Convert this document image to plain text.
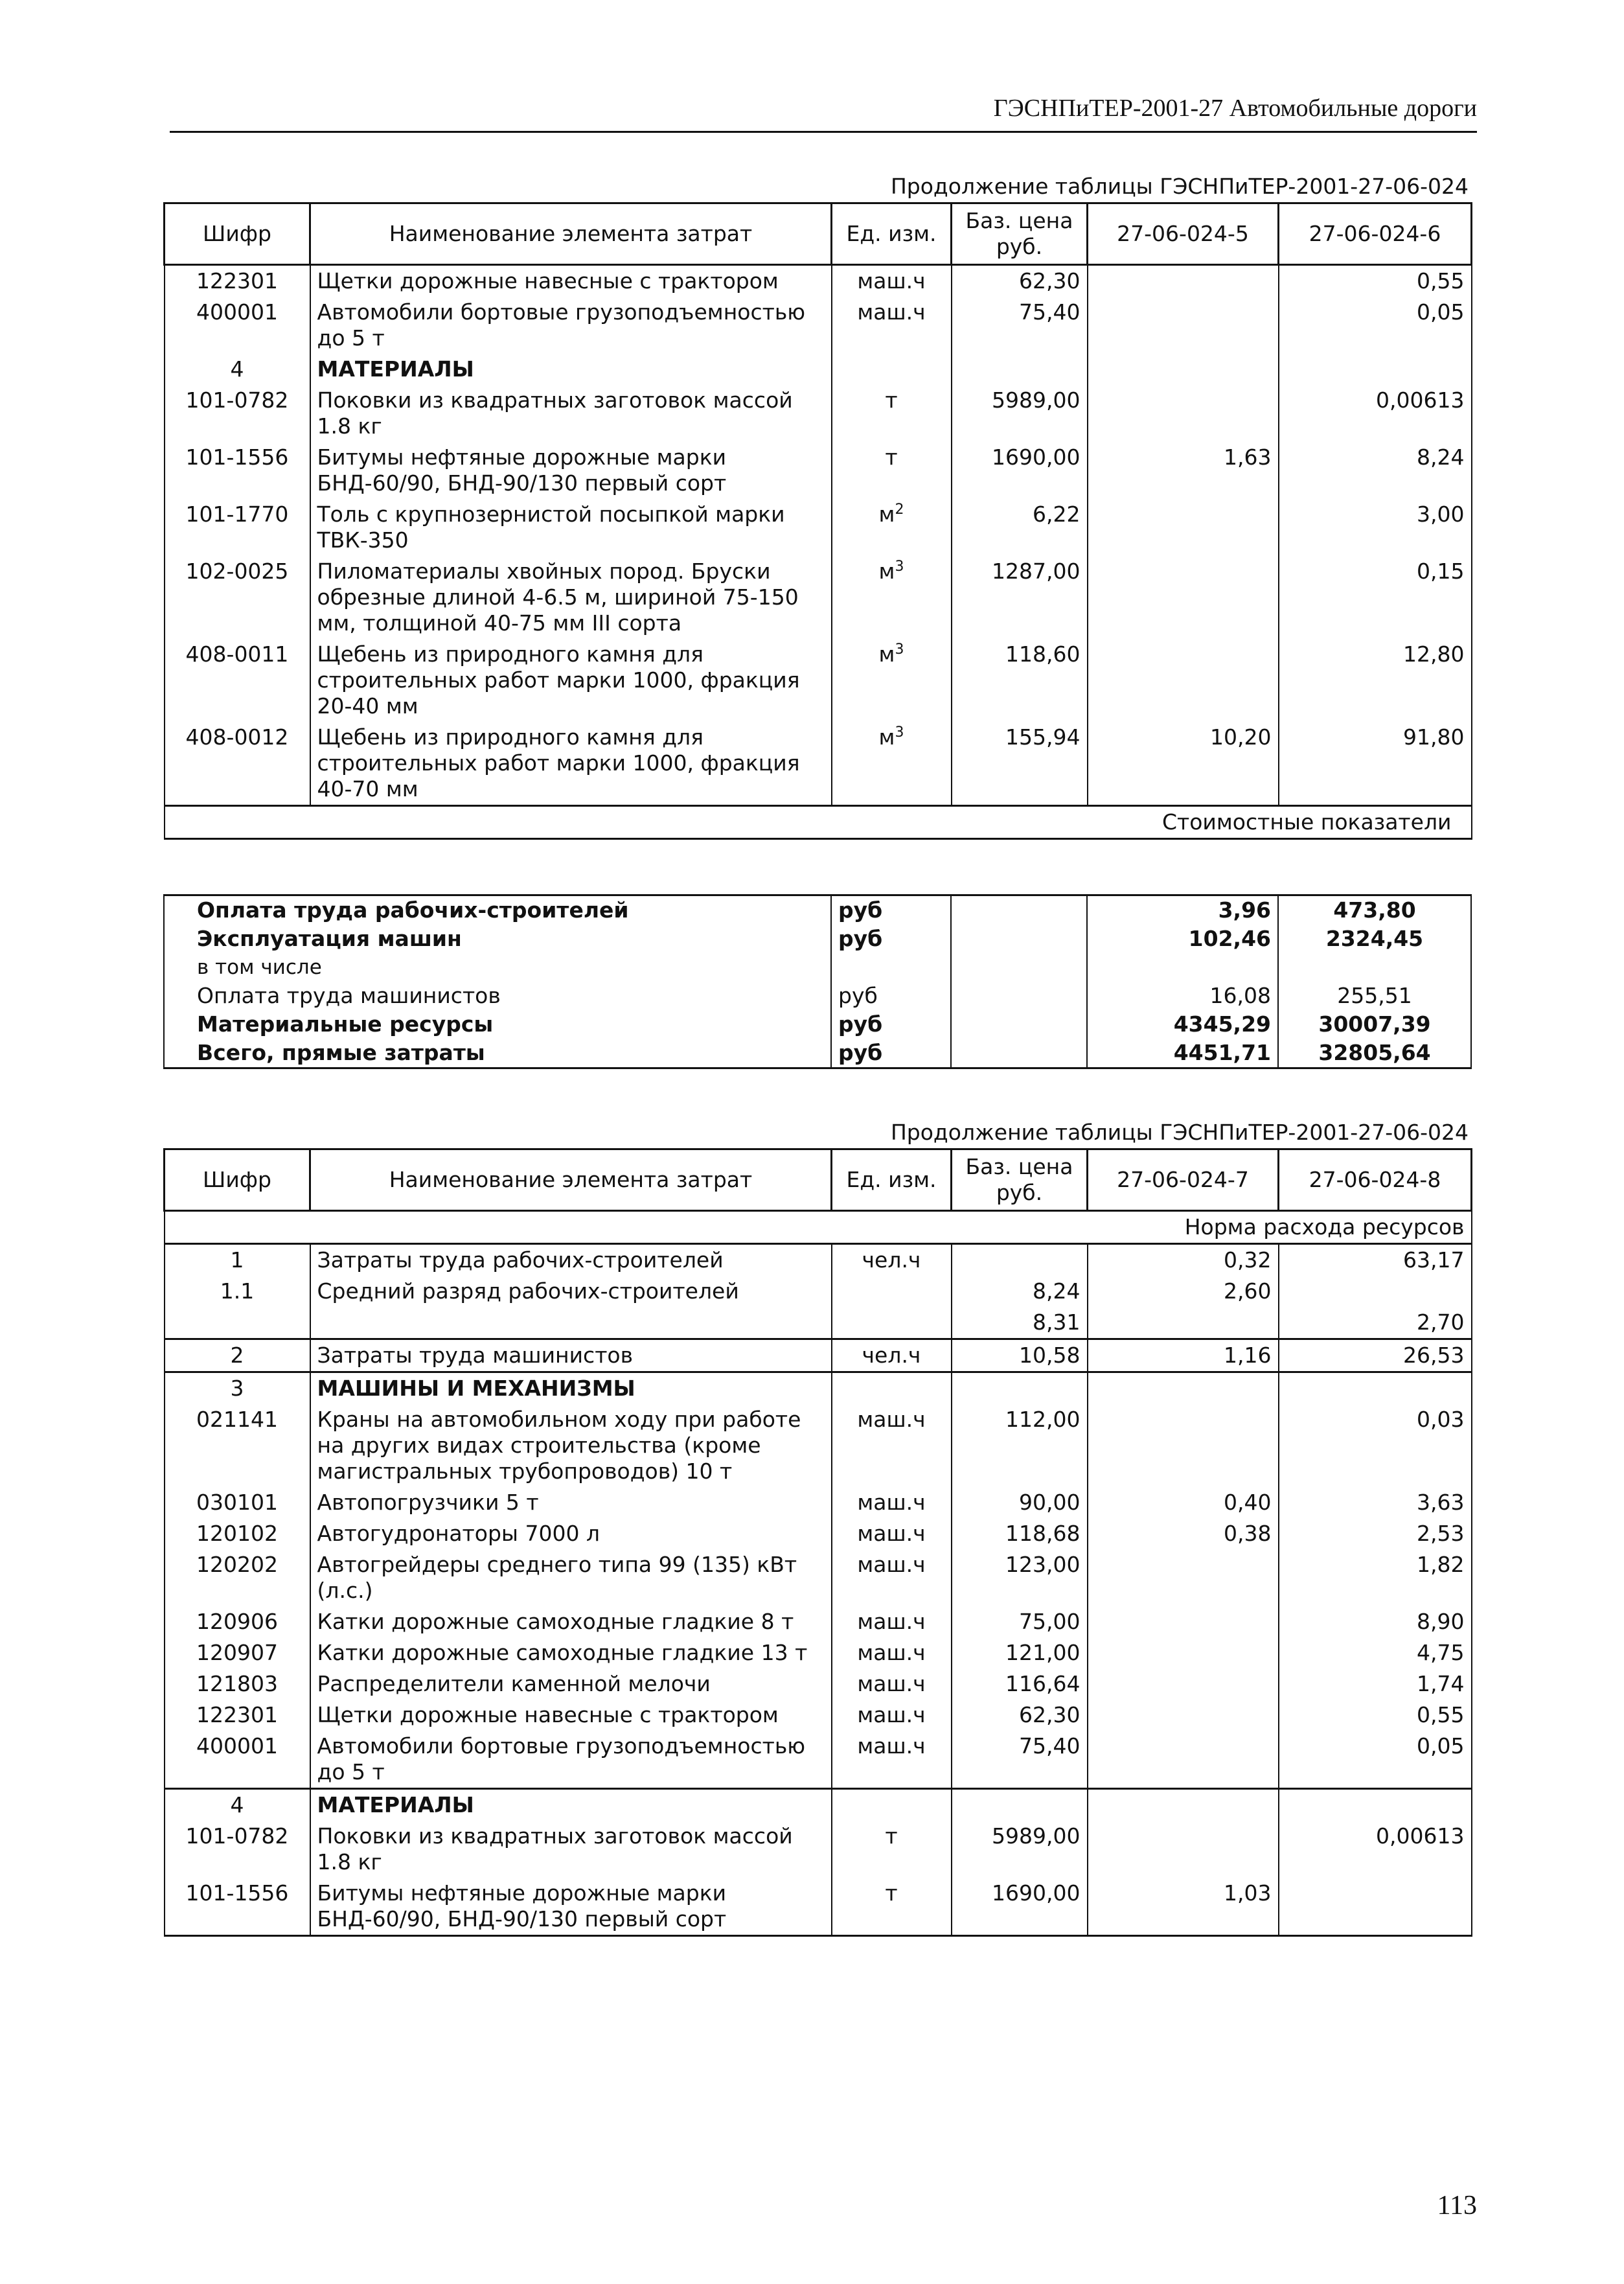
ГЭСНПиТЕР-2001-27 Автомобильные дороги
Продолжение таблицы ГЭСНПиТЕР-2001-27-06-024
Шифр	Наименование элемента затрат	Ед. изм.	Баз. цена руб.	27-06-024-5	27-06-024-6
122301	Щетки дорожные навесные с трактором	маш.ч	62,30		0,55
400001	Автомобили бортовые грузоподъемностью до 5 т	маш.ч	75,40		0,05
4	МАТЕРИАЛЫ				
101-0782	Поковки из квадратных заготовок массой 1.8 кг	т	5989,00		0,00613
101-1556	Битумы нефтяные дорожные марки БНД-60/90, БНД-90/130 первый сорт	т	1690,00	1,63	8,24
101-1770	Толь с крупнозернистой посыпкой марки ТВК-350	$м^2$	6,22		3,00
102-0025	Пиломатериалы хвойных пород. Бруски обрезные длиной 4-6.5 м, шириной 75-150 мм, толщиной 40-75 мм III сорта	$м^3$	1287,00		0,15
408-0011	Щебень из природного камня для строительных работ марки 1000, фракция 20-40 мм	$м^3$	118,60		12,80
408-0012	Щебень из природного камня для строительных работ марки 1000, фракция 40-70 мм	$м^3$	155,94	10,20	91,80
Стоимостные показатели					
Оплата труда рабочих-строителей	руб		3,96	473,80
Эксплуатация машин	руб		102,46	2324,45
в том числе				
Оплата труда машинистов	руб		16,08	255,51
Материальные ресурсы	руб		4345,29	30007,39
Всего, прямые затраты	руб		4451,71	32805,64
Продолжение таблицы ГЭСНПиТЕР-2001-27-06-024
Шифр	Наименование элемента затрат	Ед. изм.	Баз. цена руб.	27-06-024-7	27-06-024-8
Норма расхода ресурсов					
1	Затраты труда рабочих-строителей	чел.ч		0,32	63,17
1.1	Средний разряд рабочих-строителей		8,24	2,60	
			8,31		2,70
2	Затраты труда машинистов	чел.ч	10,58	1,16	26,53
3	МАШИНЫ И МЕХАНИЗМЫ				
021141	Краны на автомобильном ходу при работе на других видах строительства (кроме магистральных трубопроводов) 10 т	маш.ч	112,00		0,03
030101	Автопогрузчики 5 т	маш.ч	90,00	0,40	3,63
120102	Автогудронаторы 7000 л	маш.ч	118,68	0,38	2,53
120202	Автогрейдеры среднего типа 99 (135) кВт (л.с.)	маш.ч	123,00		1,82
120906	Катки дорожные самоходные гладкие 8 т	маш.ч	75,00		8,90
120907	Катки дорожные самоходные гладкие 13 т	маш.ч	121,00		4,75
121803	Распределители каменной мелочи	маш.ч	116,64		1,74
122301	Щетки дорожные навесные с трактором	маш.ч	62,30		0,55
400001	Автомобили бортовые грузоподъемностью до 5 т	маш.ч	75,40		0,05
4	МАТЕРИАЛЫ				
101-0782	Поковки из квадратных заготовок массой 1.8 кг	т	5989,00		0,00613
101-1556	Битумы нефтяные дорожные марки БНД-60/90, БНД-90/130 первый сорт	т	1690,00	1,03	
113
